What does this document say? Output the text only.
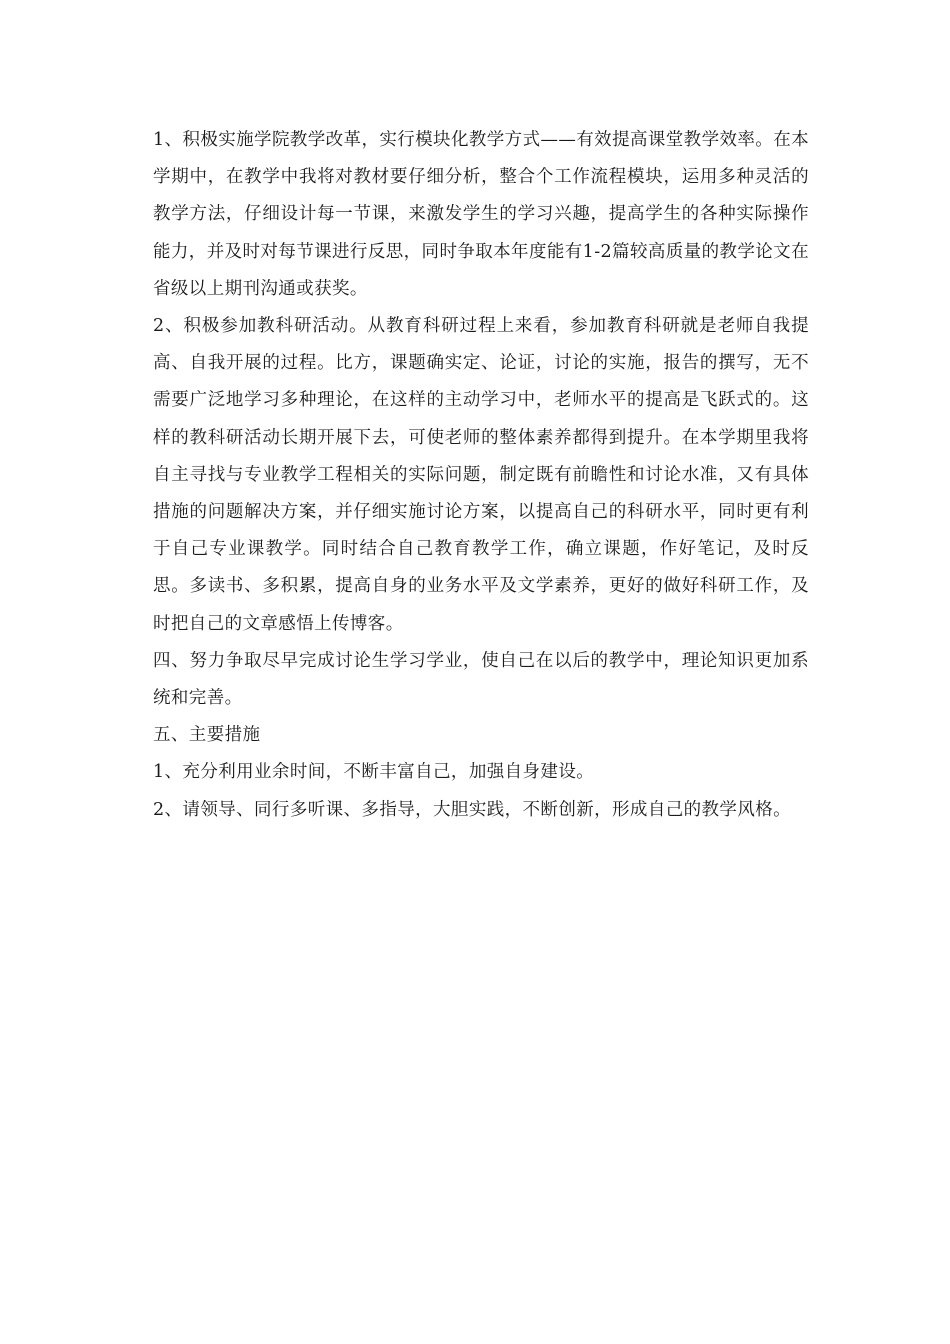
1、积极实施学院教学改革，实行模块化教学方式——有效提高课堂教学效率。在本学期中，在教学中我将对教材要仔细分析，整合个工作流程模块，运用多种灵活的教学方法，仔细设计每一节课，来激发学生的学习兴趣，提高学生的各种实际操作能力，并及时对每节课进行反思，同时争取本年度能有1-2篇较高质量的教学论文在省级以上期刊沟通或获奖。

2、积极参加教科研活动。从教育科研过程上来看，参加教育科研就是老师自我提高、自我开展的过程。比方，课题确实定、论证，讨论的实施，报告的撰写，无不需要广泛地学习多种理论，在这样的主动学习中，老师水平的提高是飞跃式的。这样的教科研活动长期开展下去，可使老师的整体素养都得到提升。在本学期里我将自主寻找与专业教学工程相关的实际问题，制定既有前瞻性和讨论水准，又有具体措施的问题解决方案，并仔细实施讨论方案，以提高自己的科研水平，同时更有利于自己专业课教学。同时结合自己教育教学工作，确立课题，作好笔记，及时反思。多读书、多积累，提高自身的业务水平及文学素养，更好的做好科研工作，及时把自己的文章感悟上传博客。

四、努力争取尽早完成讨论生学习学业，使自己在以后的教学中，理论知识更加系统和完善。

五、主要措施

1、充分利用业余时间，不断丰富自己，加强自身建设。

2、请领导、同行多听课、多指导，大胆实践，不断创新，形成自己的教学风格。
